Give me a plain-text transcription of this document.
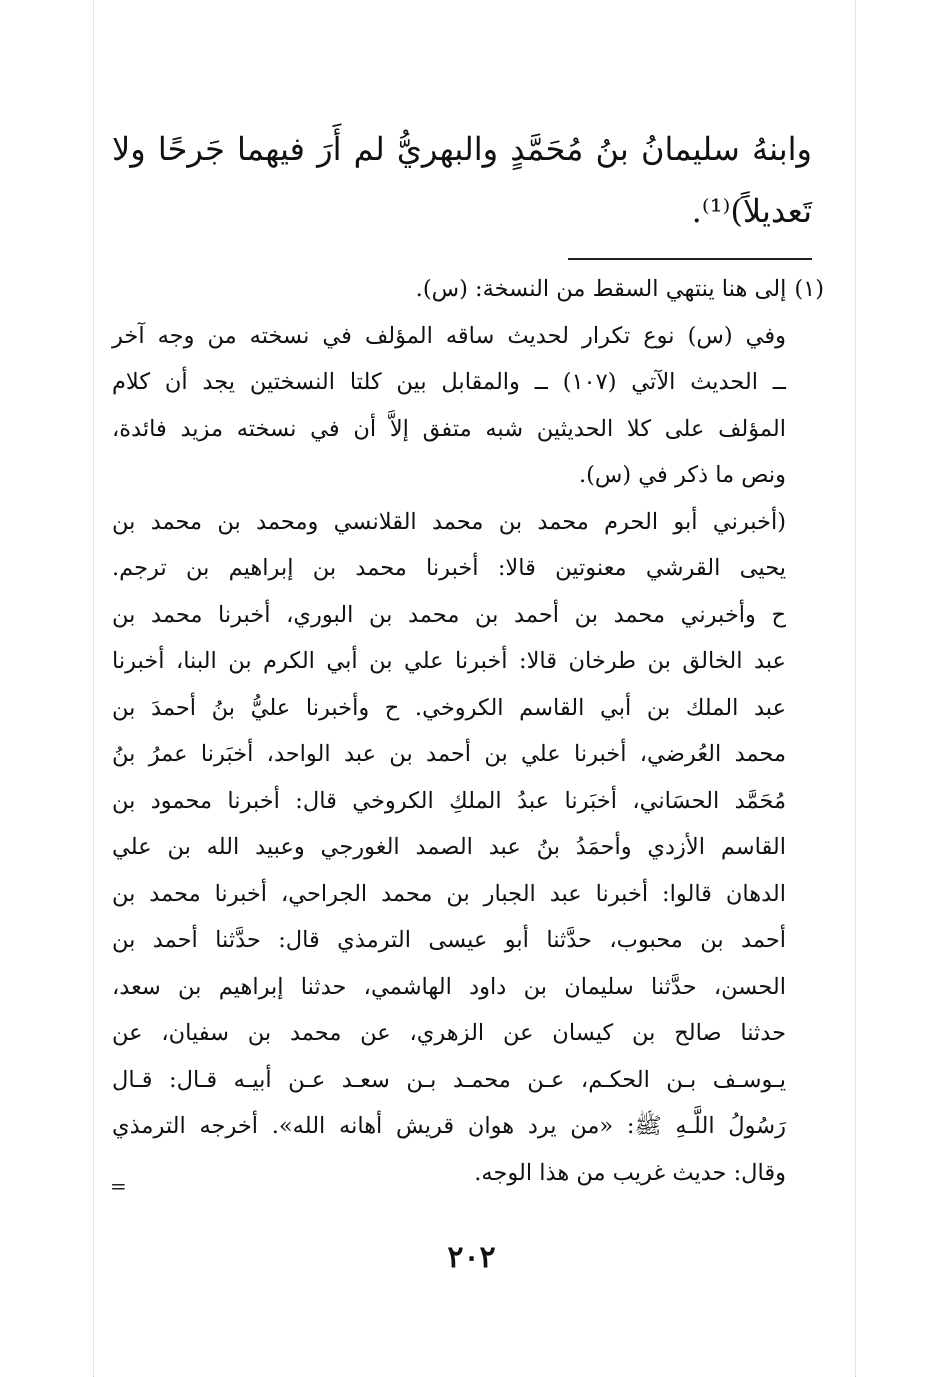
وابنهُ سليمانُ بنُ مُحَمَّدٍ والبهريُّ لم أَرَ فيهما جَرحًا ولا
تَعديلاً)⁽¹⁾.
(١)إلى هنا ينتهي السقط من النسخة: (س).
وفي (س) نوع تكرار لحديث ساقه المؤلف في نسخته من وجه آخر
ــ الحديث الآتي (١٠٧) ــ والمقابل بين كلتا النسختين يجد أن كلام
المؤلف على كلا الحديثين شبه متفق إلاَّ أن في نسخته مزيد فائدة،
ونص ما ذكر في (س).
(أخبرني أبو الحرم محمد بن محمد القلانسي ومحمد بن محمد بن
يحيى القرشي معنوتين قالا: أخبرنا محمد بن إبراهيم بن ترجم.
ح وأخبرني محمد بن أحمد بن محمد بن البوري، أخبرنا محمد بن
عبد الخالق بن طرخان قالا: أخبرنا علي بن أبي الكرم بن البنا، أخبرنا
عبد الملك بن أبي القاسم الكروخي. ح وأخبرنا عليُّ بنُ أحمدَ بن
محمد العُرضي، أخبرنا علي بن أحمد بن عبد الواحد، أخبَرنا عمرُ بنُ
مُحَمَّد الحسَاني، أخبَرنا عبدُ الملكِ الكروخي قال: أخبرنا محمود بن
القاسم الأزدي وأحمَدُ بنُ عبد الصمد الغورجي وعبيد الله بن علي
الدهان قالوا: أخبرنا عبد الجبار بن محمد الجراحي، أخبرنا محمد بن
أحمد بن محبوب، حدَّثنا أبو عيسى الترمذي قال: حدَّثنا أحمد بن
الحسن، حدَّثنا سليمان بن داود الهاشمي، حدثنا إبراهيم بن سعد،
حدثنا صالح بن كيسان عن الزهري، عن محمد بن سفيان، عن
يـوسـف بـن الحكـم، عـن محمـد بـن سعـد عـن أبيـه قـال: قـال
رَسُولُ اللَّـهِ ﷺ: «من يرد هوان قريش أهانه الله». أخرجه الترمذي
وقال: حديث غريب من هذا الوجه.
=
٢٠٢
